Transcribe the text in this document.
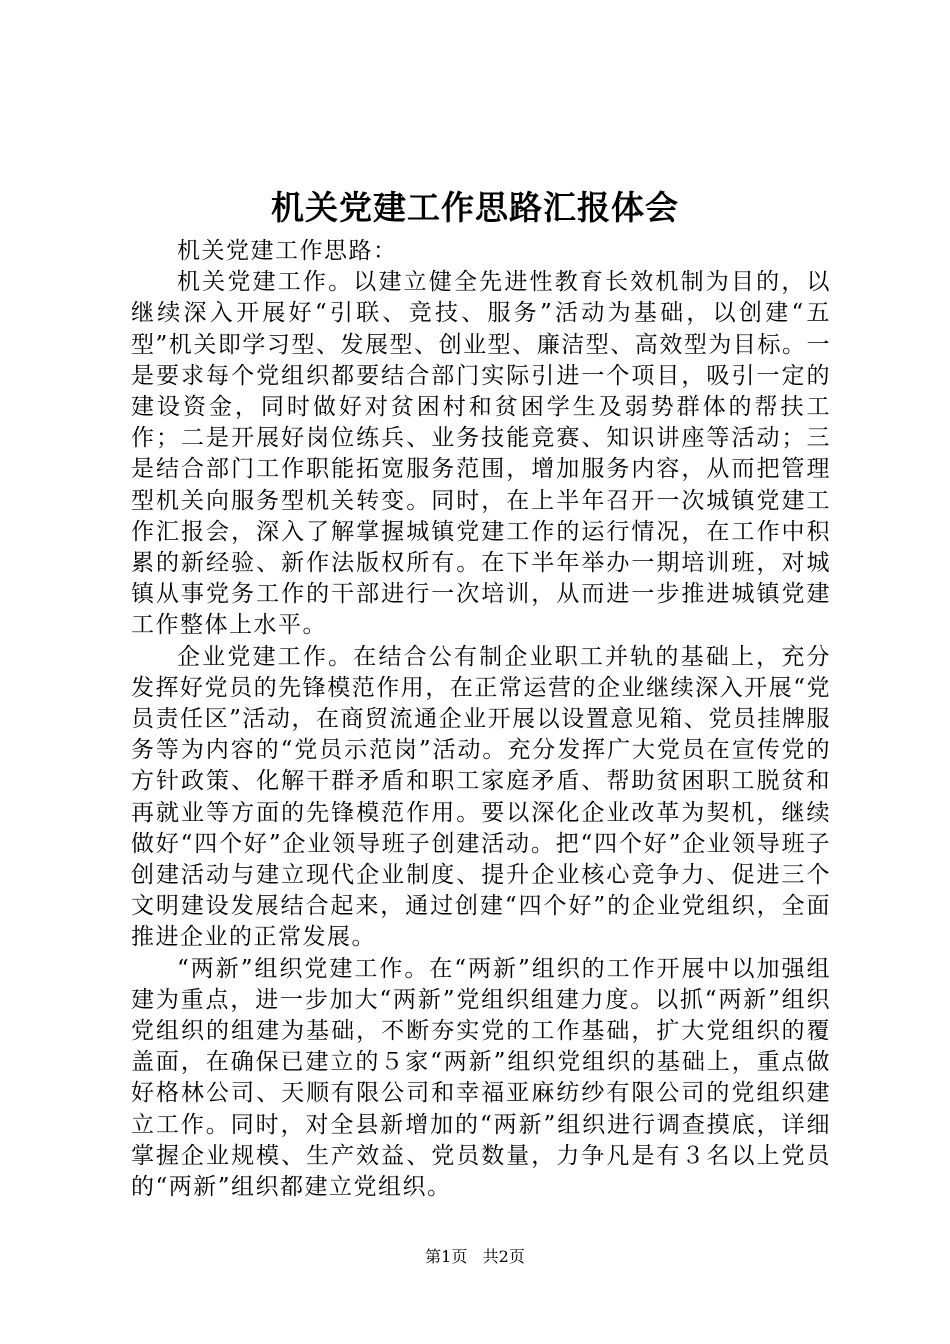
机关党建工作思路汇报体会

机关党建工作思路：

机关党建工作。以建立健全先进性教育长效机制为目的，以继续深入开展好“引联、竞技、服务”活动为基础，以创建“五型”机关即学习型、发展型、创业型、廉洁型、高效型为目标。一是要求每个党组织都要结合部门实际引进一个项目，吸引一定的建设资金，同时做好对贫困村和贫困学生及弱势群体的帮扶工作；二是开展好岗位练兵、业务技能竞赛、知识讲座等活动；三是结合部门工作职能拓宽服务范围，增加服务内容，从而把管理型机关向服务型机关转变。同时，在上半年召开一次城镇党建工作汇报会，深入了解掌握城镇党建工作的运行情况，在工作中积累的新经验、新作法版权所有。在下半年举办一期培训班，对城镇从事党务工作的干部进行一次培训，从而进一步推进城镇党建工作整体上水平。

企业党建工作。在结合公有制企业职工并轨的基础上，充分发挥好党员的先锋模范作用，在正常运营的企业继续深入开展“党员责任区”活动，在商贸流通企业开展以设置意见箱、党员挂牌服务等为内容的“党员示范岗”活动。充分发挥广大党员在宣传党的方针政策、化解干群矛盾和职工家庭矛盾、帮助贫困职工脱贫和再就业等方面的先锋模范作用。要以深化企业改革为契机，继续做好“四个好”企业领导班子创建活动。把“四个好”企业领导班子创建活动与建立现代企业制度、提升企业核心竞争力、促进三个文明建设发展结合起来，通过创建“四个好”的企业党组织，全面推进企业的正常发展。

“两新”组织党建工作。在“两新”组织的工作开展中以加强组建为重点，进一步加大“两新”党组织组建力度。以抓“两新”组织党组织的组建为基础，不断夯实党的工作基础，扩大党组织的覆盖面，在确保已建立的５家“两新”组织党组织的基础上，重点做好格林公司、天顺有限公司和幸福亚麻纺纱有限公司的党组织建立工作。同时，对全县新增加的“两新”组织进行调查摸底，详细掌握企业规模、生产效益、党员数量，力争凡是有３名以上党员的“两新”组织都建立党组织。

第1页 共2页
